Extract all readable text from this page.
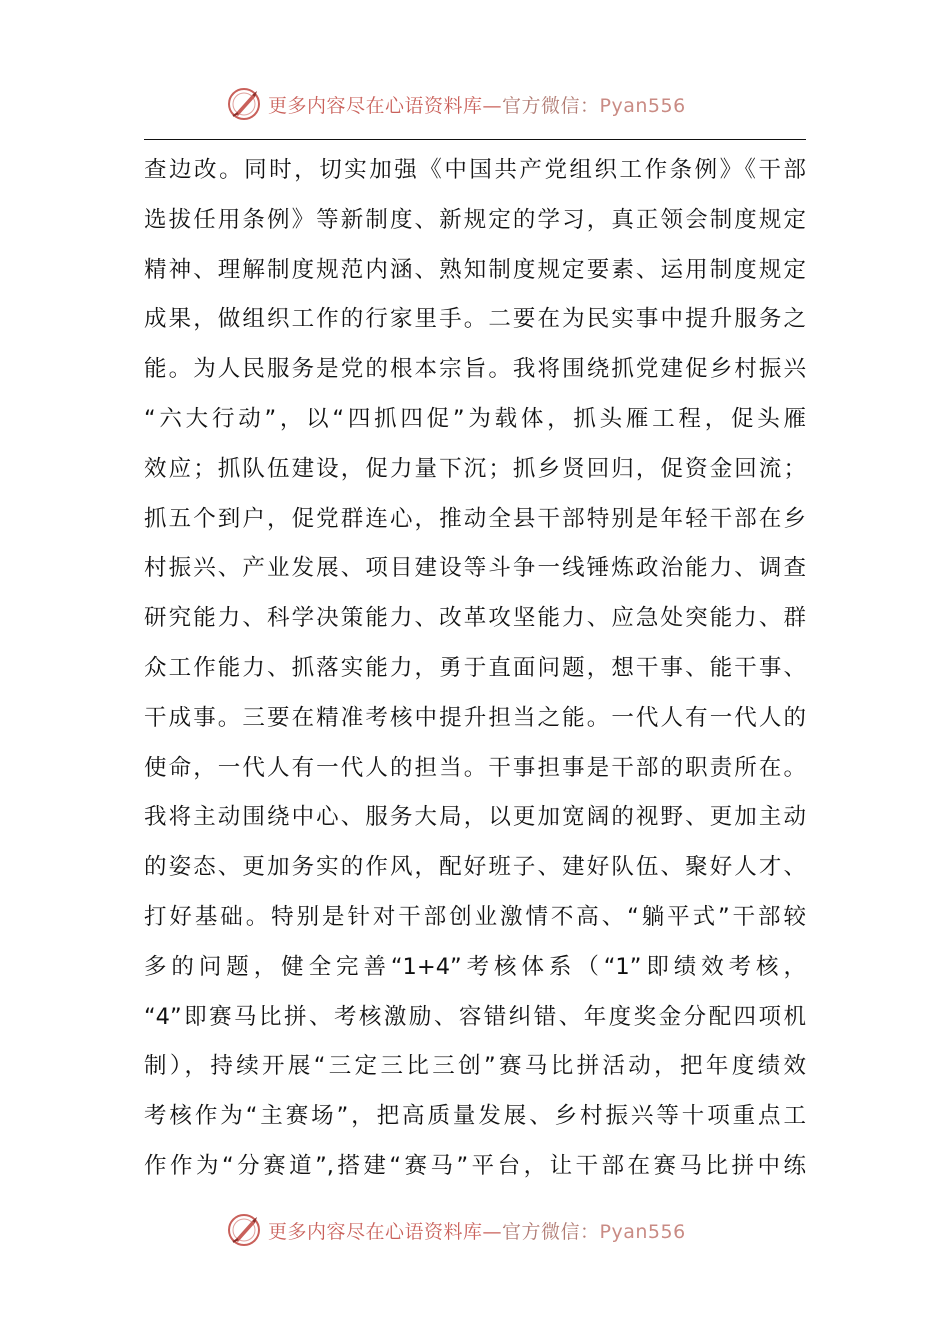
更多内容尽在心语资料库—官方微信：Pyan556
查边改。同时，切实加强《中国共产党组织工作条例》《干部
选拔任用条例》等新制度、新规定的学习，真正领会制度规定
精神、理解制度规范内涵、熟知制度规定要素、运用制度规定
成果，做组织工作的行家里手。二要在为民实事中提升服务之
能。为人民服务是党的根本宗旨。我将围绕抓党建促乡村振兴
“六大行动”，以“四抓四促”为载体，抓头雁工程，促头雁
效应；抓队伍建设，促力量下沉；抓乡贤回归，促资金回流；
抓五个到户，促党群连心，推动全县干部特别是年轻干部在乡
村振兴、产业发展、项目建设等斗争一线锤炼政治能力、调查
研究能力、科学决策能力、改革攻坚能力、应急处突能力、群
众工作能力、抓落实能力，勇于直面问题，想干事、能干事、
干成事。三要在精准考核中提升担当之能。一代人有一代人的
使命，一代人有一代人的担当。干事担事是干部的职责所在。
我将主动围绕中心、服务大局，以更加宽阔的视野、更加主动
的姿态、更加务实的作风，配好班子、建好队伍、聚好人才、
打好基础。特别是针对干部创业激情不高、“躺平式”干部较
多的问题，健全完善“1+4”考核体系（“1”即绩效考核，
“4”即赛马比拼、考核激励、容错纠错、年度奖金分配四项机
制），持续开展“三定三比三创”赛马比拼活动，把年度绩效
考核作为“主赛场”，把高质量发展、乡村振兴等十项重点工
作作为“分赛道”,搭建“赛马”平台，让干部在赛马比拼中练
更多内容尽在心语资料库—官方微信：Pyan556
